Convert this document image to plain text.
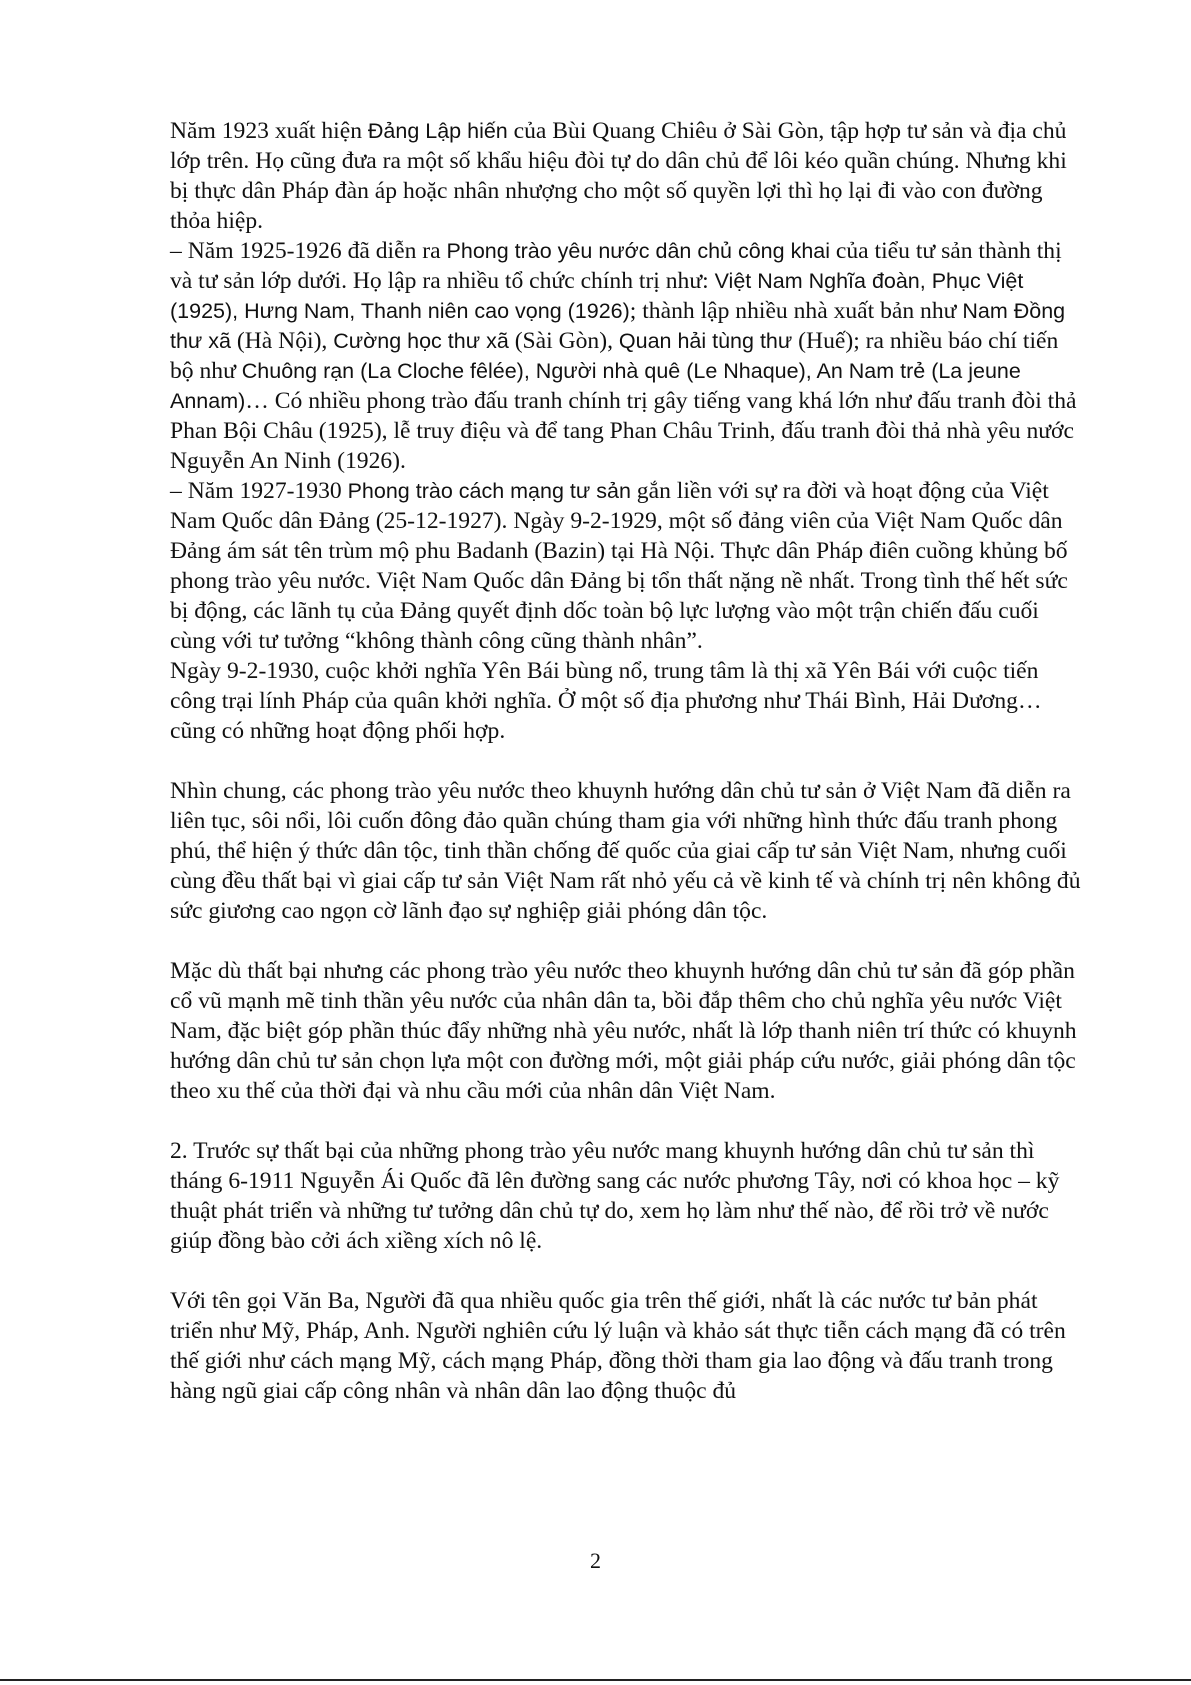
Năm 1923 xuất hiện Đảng Lập hiến của Bùi Quang Chiêu ở Sài Gòn, tập hợp tư sản và địa chủ lớp trên. Họ cũng đưa ra một số khẩu hiệu đòi tự do dân chủ để lôi kéo quần chúng. Nhưng khi bị thực dân Pháp đàn áp hoặc nhân nhượng cho một số quyền lợi thì họ lại đi vào con đường thỏa hiệp.

– Năm 1925-1926 đã diễn ra Phong trào yêu nước dân chủ công khai của tiểu tư sản thành thị và tư sản lớp dưới. Họ lập ra nhiều tổ chức chính trị như: Việt Nam Nghĩa đoàn, Phục Việt (1925), Hưng Nam, Thanh niên cao vọng (1926); thành lập nhiều nhà xuất bản như Nam Đồng thư xã (Hà Nội), Cường học thư xã (Sài Gòn), Quan hải tùng thư (Huế); ra nhiều báo chí tiến bộ như Chuông rạn (La Cloche fêlée), Người nhà quê (Le Nhaque), An Nam trẻ (La jeune Annam)… Có nhiều phong trào đấu tranh chính trị gây tiếng vang khá lớn như đấu tranh đòi thả Phan Bội Châu (1925), lễ truy điệu và để tang Phan Châu Trinh, đấu tranh đòi thả nhà yêu nước Nguyễn An Ninh (1926).

– Năm 1927-1930 Phong trào cách mạng tư sản gắn liền với sự ra đời và hoạt động của Việt Nam Quốc dân Đảng (25-12-1927). Ngày 9-2-1929, một số đảng viên của Việt Nam Quốc dân Đảng ám sát tên trùm mộ phu Badanh (Bazin) tại Hà Nội. Thực dân Pháp điên cuồng khủng bố phong trào yêu nước. Việt Nam Quốc dân Đảng bị tổn thất nặng nề nhất. Trong tình thế hết sức bị động, các lãnh tụ của Đảng quyết định dốc toàn bộ lực lượng vào một trận chiến đấu cuối cùng với tư tưởng “không thành công cũng thành nhân”.

Ngày 9-2-1930, cuộc khởi nghĩa Yên Bái bùng nổ, trung tâm là thị xã Yên Bái với cuộc tiến công trại lính Pháp của quân khởi nghĩa. Ở một số địa phương như Thái Bình, Hải Dương… cũng có những hoạt động phối hợp.

Nhìn chung, các phong trào yêu nước theo khuynh hướng dân chủ tư sản ở Việt Nam đã diễn ra liên tục, sôi nổi, lôi cuốn đông đảo quần chúng tham gia với những hình thức đấu tranh phong phú, thể hiện ý thức dân tộc, tinh thần chống đế quốc của giai cấp tư sản Việt Nam, nhưng cuối cùng đều thất bại vì giai cấp tư sản Việt Nam rất nhỏ yếu cả về kinh tế và chính trị nên không đủ sức giương cao ngọn cờ lãnh đạo sự nghiệp giải phóng dân tộc.

Mặc dù thất bại nhưng các phong trào yêu nước theo khuynh hướng dân chủ tư sản đã góp phần cổ vũ mạnh mẽ tinh thần yêu nước của nhân dân ta, bồi đắp thêm cho chủ nghĩa yêu nước Việt Nam, đặc biệt góp phần thúc đẩy những nhà yêu nước, nhất là lớp thanh niên trí thức có khuynh hướng dân chủ tư sản chọn lựa một con đường mới, một giải pháp cứu nước, giải phóng dân tộc theo xu thế của thời đại và nhu cầu mới của nhân dân Việt Nam.

2. Trước sự thất bại của những phong trào yêu nước mang khuynh hướng dân chủ tư sản thì tháng 6-1911 Nguyễn Ái Quốc đã lên đường sang các nước phương Tây, nơi có khoa học – kỹ thuật phát triển và những tư tưởng dân chủ tự do, xem họ làm như thế nào, để rồi trở về nước giúp đồng bào cởi ách xiềng xích nô lệ.

Với tên gọi Văn Ba, Người đã qua nhiều quốc gia trên thế giới, nhất là các nước tư bản phát triển như Mỹ, Pháp, Anh. Người nghiên cứu lý luận và khảo sát thực tiễn cách mạng đã có trên thế giới như cách mạng Mỹ, cách mạng Pháp, đồng thời tham gia lao động và đấu tranh trong hàng ngũ giai cấp công nhân và nhân dân lao động thuộc đủ

2
